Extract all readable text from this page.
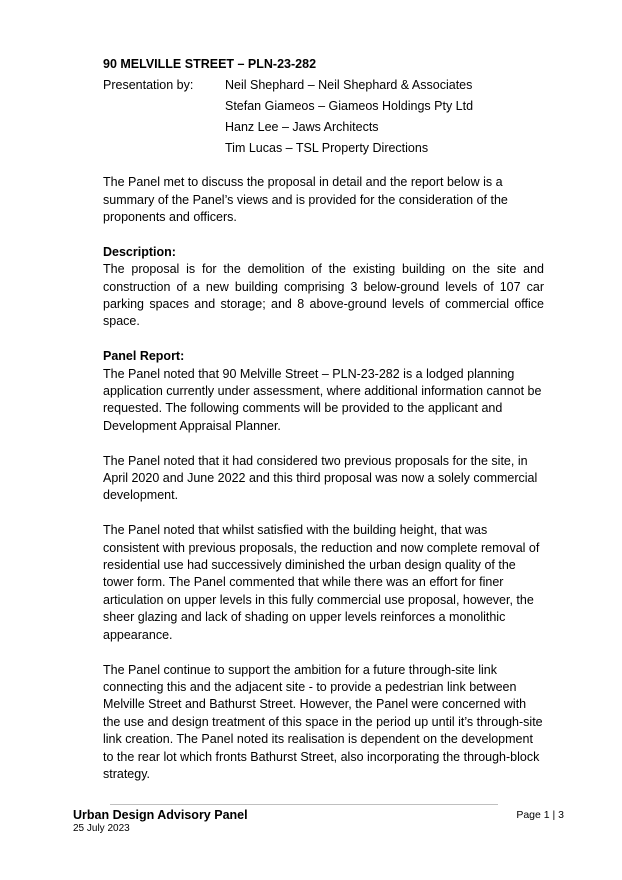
90 MELVILLE STREET – PLN-23-282
Presentation by:	Neil Shephard – Neil Shephard & Associates
Stefan Giameos – Giameos Holdings Pty Ltd
Hanz Lee – Jaws Architects
Tim Lucas – TSL Property Directions

The Panel met to discuss the proposal in detail and the report below is a summary of the Panel’s views and is provided for the consideration of the proponents and officers.

Description:

The proposal is for the demolition of the existing building on the site and construction of a new building comprising 3 below-ground levels of 107 car parking spaces and storage; and 8 above-ground levels of commercial office space.

Panel Report:

The Panel noted that 90 Melville Street – PLN-23-282 is a lodged planning application currently under assessment, where additional information cannot be requested. The following comments will be provided to the applicant and Development Appraisal Planner.

The Panel noted that it had considered two previous proposals for the site, in April 2020 and June 2022 and this third proposal was now a solely commercial development.

The Panel noted that whilst satisfied with the building height, that was consistent with previous proposals, the reduction and now complete removal of residential use had successively diminished the urban design quality of the tower form. The Panel commented that while there was an effort for finer articulation on upper levels in this fully commercial use proposal, however, the sheer glazing and lack of shading on upper levels reinforces a monolithic appearance.

The Panel continue to support the ambition for a future through-site link connecting this and the adjacent site - to provide a pedestrian link between Melville Street and Bathurst Street. However, the Panel were concerned with the use and design treatment of this space in the period up until it’s through-site link creation. The Panel noted its realisation is dependent on the development to the rear lot which fronts Bathurst Street, also incorporating the through-block strategy.

Urban Design Advisory Panel
25 July 2023
Page 1 | 3
